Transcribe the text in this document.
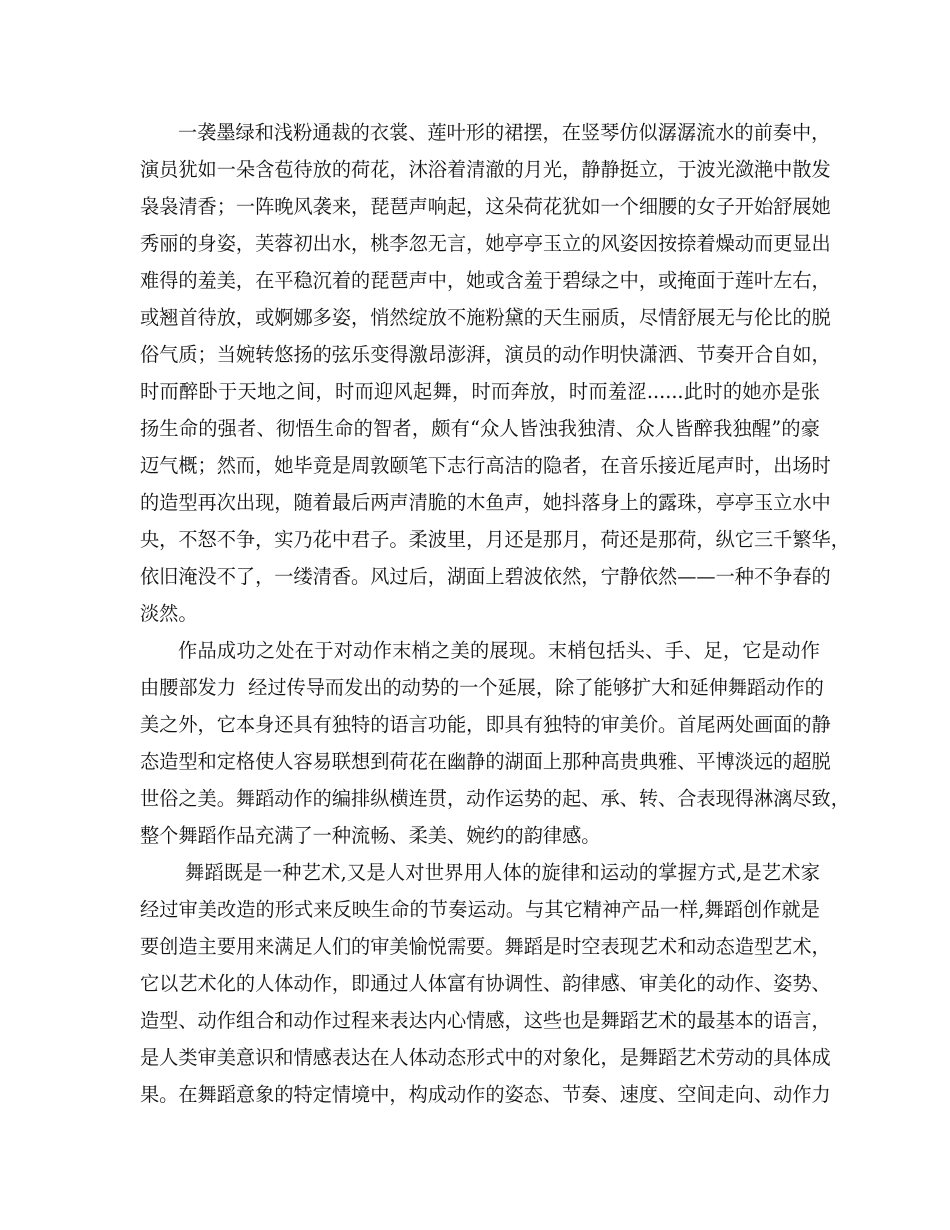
一袭墨绿和浅粉通裁的衣裳、莲叶形的裙摆，在竖琴仿似潺潺流水的前奏中，
演员犹如一朵含苞待放的荷花，沐浴着清澈的月光，静静挺立，于波光潋滟中散发
袅袅清香；一阵晚风袭来，琵琶声响起，这朵荷花犹如一个细腰的女子开始舒展她
秀丽的身姿，芙蓉初出水，桃李忽无言，她亭亭玉立的风姿因按捺着燥动而更显出
难得的羞美，在平稳沉着的琵琶声中，她或含羞于碧绿之中，或掩面于莲叶左右，
或翘首待放，或婀娜多姿，悄然绽放不施粉黛的天生丽质，尽情舒展无与伦比的脱
俗气质；当婉转悠扬的弦乐变得激昂澎湃，演员的动作明快潇洒、节奏开合自如，
时而醉卧于天地之间，时而迎风起舞，时而奔放，时而羞涩......此时的她亦是张
扬生命的强者、彻悟生命的智者，颇有“众人皆浊我独清、众人皆醉我独醒”的豪
迈气概；然而，她毕竟是周敦颐笔下志行高洁的隐者，在音乐接近尾声时，出场时
的造型再次出现，随着最后两声清脆的木鱼声，她抖落身上的露珠，亭亭玉立水中
央，不怒不争，实乃花中君子。柔波里，月还是那月，荷还是那荷，纵它三千繁华，
依旧淹没不了，一缕清香。风过后，湖面上碧波依然，宁静依然——一种不争春的
淡然。
作品成功之处在于对动作末梢之美的展现。末梢包括头、手、足，它是动作
由腰部发力  经过传导而发出的动势的一个延展，除了能够扩大和延伸舞蹈动作的
美之外，它本身还具有独特的语言功能，即具有独特的审美价。首尾两处画面的静
态造型和定格使人容易联想到荷花在幽静的湖面上那种高贵典雅、平博淡远的超脱
世俗之美。舞蹈动作的编排纵横连贯，动作运势的起、承、转、合表现得淋漓尽致，
整个舞蹈作品充满了一种流畅、柔美、婉约的韵律感。
舞蹈既是一种艺术,又是人对世界用人体的旋律和运动的掌握方式,是艺术家
经过审美改造的形式来反映生命的节奏运动。与其它精神产品一样,舞蹈创作就是
要创造主要用来满足人们的审美愉悦需要。舞蹈是时空表现艺术和动态造型艺术，
它以艺术化的人体动作，即通过人体富有协调性、韵律感、审美化的动作、姿势、
造型、动作组合和动作过程来表达内心情感，这些也是舞蹈艺术的最基本的语言，
是人类审美意识和情感表达在人体动态形式中的对象化，是舞蹈艺术劳动的具体成
果。在舞蹈意象的特定情境中，构成动作的姿态、节奏、速度、空间走向、动作力
